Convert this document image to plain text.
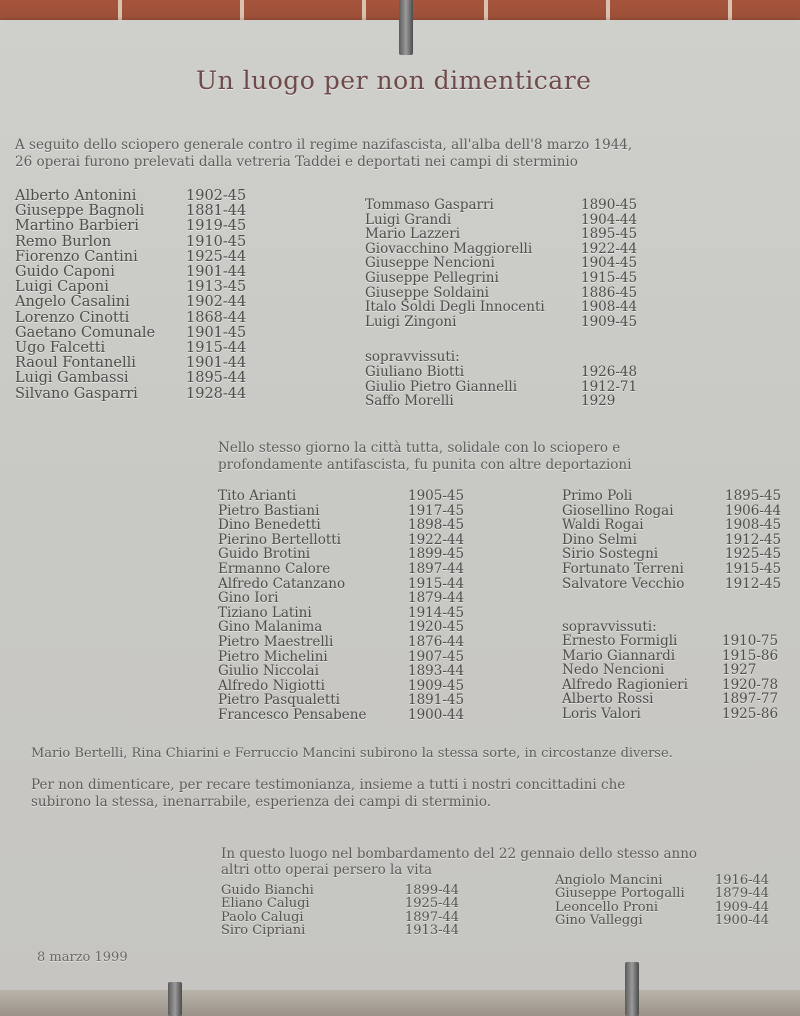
Un luogo per non dimenticare
A seguito dello sciopero generale contro il regime nazifascista, all'alba dell'8 marzo 1944,
26 operai furono prelevati dalla vetreria Taddei e deportati nei campi di sterminio
Alberto Antonini	1902-45
Giuseppe Bagnoli	1881-44
Martino Barbieri	1919-45
Remo Burlon	1910-45
Fiorenzo Cantini	1925-44
Guido Caponi	1901-44
Luigi Caponi	1913-45
Angelo Casalini	1902-44
Lorenzo Cinotti	1868-44
Gaetano Comunale	1901-45
Ugo Falcetti	1915-44
Raoul Fontanelli	1901-44
Luigi Gambassi	1895-44
Silvano Gasparri	1928-44
Tommaso Gasparri	1890-45
Luigi Grandi	1904-44
Mario Lazzeri	1895-45
Giovacchino Maggiorelli	1922-44
Giuseppe Nencioni	1904-45
Giuseppe Pellegrini	1915-45
Giuseppe Soldaini	1886-45
Italo Soldi Degli Innocenti	1908-44
Luigi Zingoni	1909-45
sopravvissuti:
Giuliano Biotti	1926-48
Giulio Pietro Giannelli	1912-71
Saffo Morelli	1929
Nello stesso giorno la città tutta, solidale con lo sciopero e
profondamente antifascista, fu punita con altre deportazioni
Tito Arianti	1905-45
Pietro Bastiani	1917-45
Dino Benedetti	1898-45
Pierino Bertellotti	1922-44
Guido Brotini	1899-45
Ermanno Calore	1897-44
Alfredo Catanzano	1915-44
Gino Iori	1879-44
Tiziano Latini	1914-45
Gino Malanima	1920-45
Pietro Maestrelli	1876-44
Pietro Michelini	1907-45
Giulio Niccolai	1893-44
Alfredo Nigiotti	1909-45
Pietro Pasqualetti	1891-45
Francesco Pensabene	1900-44
Primo Poli	1895-45
Giosellino Rogai	1906-44
Waldi Rogai	1908-45
Dino Selmi	1912-45
Sirio Sostegni	1925-45
Fortunato Terreni	1915-45
Salvatore Vecchio	1912-45
sopravvissuti:
Ernesto Formigli	1910-75
Mario Giannardi	1915-86
Nedo Nencioni	1927
Alfredo Ragionieri	1920-78
Alberto Rossi	1897-77
Loris Valori	1925-86
Mario Bertelli, Rina Chiarini e Ferruccio Mancini subirono la stessa sorte, in circostanze diverse.
Per non dimenticare, per recare testimonianza, insieme a tutti i nostri concittadini che
subirono la stessa, inenarrabile, esperienza dei campi di sterminio.
In questo luogo nel bombardamento del 22 gennaio dello stesso anno
altri otto operai persero la vita
Guido Bianchi	1899-44
Eliano Calugi	1925-44
Paolo Calugi	1897-44
Siro Cipriani	1913-44
Angiolo Mancini	1916-44
Giuseppe Portogalli	1879-44
Leoncello Proni	1909-44
Gino Valleggi	1900-44
8 marzo 1999
